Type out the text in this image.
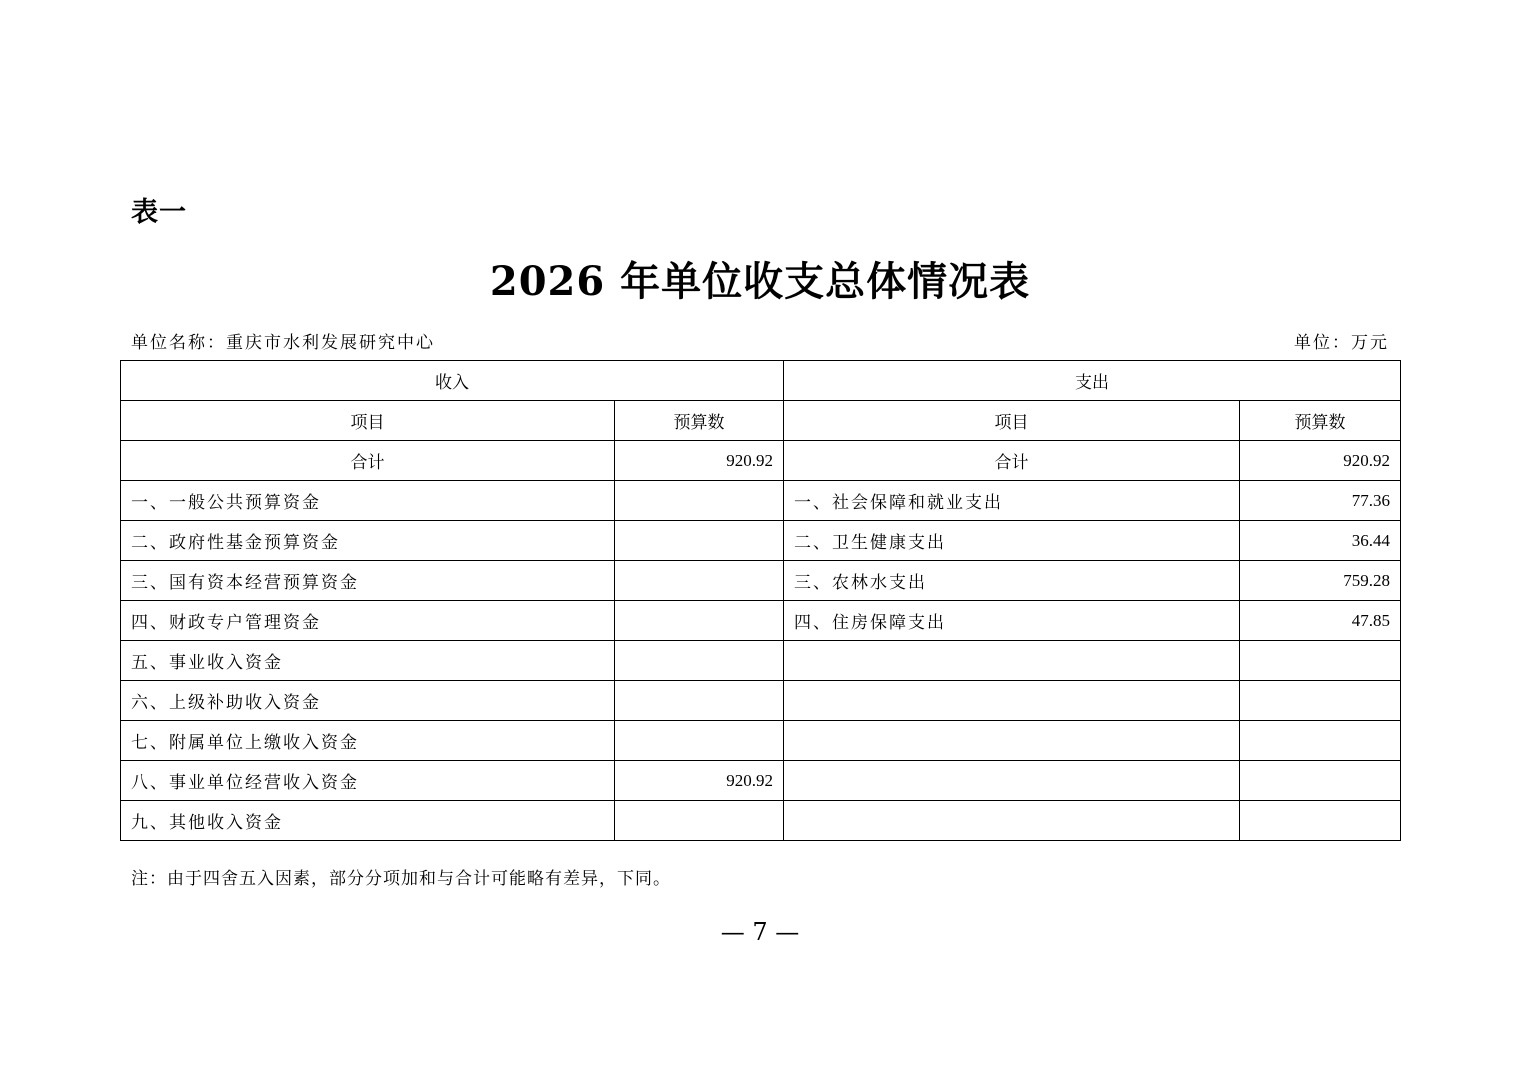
表一
2026 年单位收支总体情况表
单位名称：重庆市水利发展研究中心	单位：万元
收入		支出	
项目	预算数	项目	预算数
合计	920.92	合计	920.92
一、一般公共预算资金		一、社会保障和就业支出	77.36
二、政府性基金预算资金		二、卫生健康支出	36.44
三、国有资本经营预算资金		三、农林水支出	759.28
四、财政专户管理资金		四、住房保障支出	47.85
五、事业收入资金			
六、上级补助收入资金			
七、附属单位上缴收入资金			
八、事业单位经营收入资金	920.92		
九、其他收入资金			
注：由于四舍五入因素，部分分项加和与合计可能略有差异，下同。
— 7 —
